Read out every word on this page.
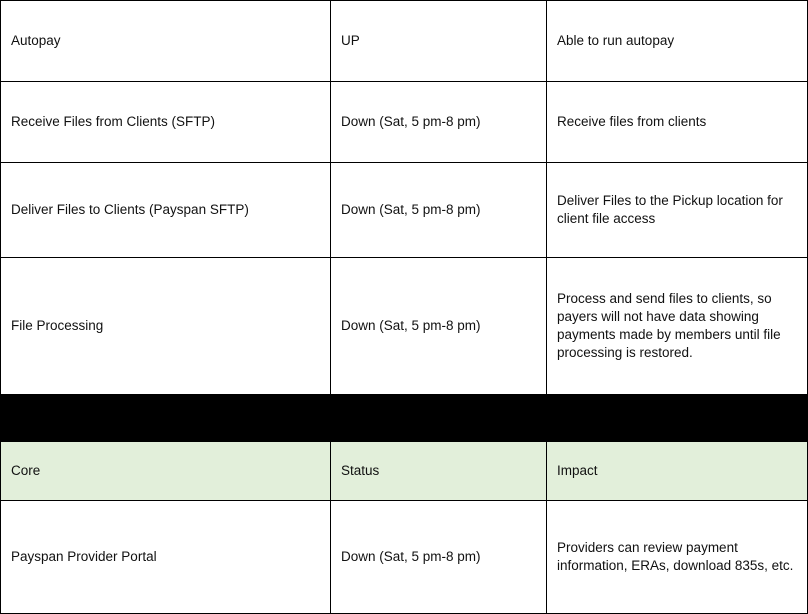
Autopay	UP	Able to run autopay
Receive Files from Clients (SFTP)	Down (Sat, 5 pm-8 pm)	Receive files from clients
Deliver Files to Clients (Payspan SFTP)	Down (Sat, 5 pm-8 pm)	Deliver Files to the Pickup location for client file access
File Processing	Down (Sat, 5 pm-8 pm)	Process and send files to clients, so payers will not have data showing payments made by members until file processing is restored.

Core	Status	Impact
Payspan Provider Portal	Down (Sat, 5 pm-8 pm)	Providers can review payment information, ERAs, download 835s, etc.
